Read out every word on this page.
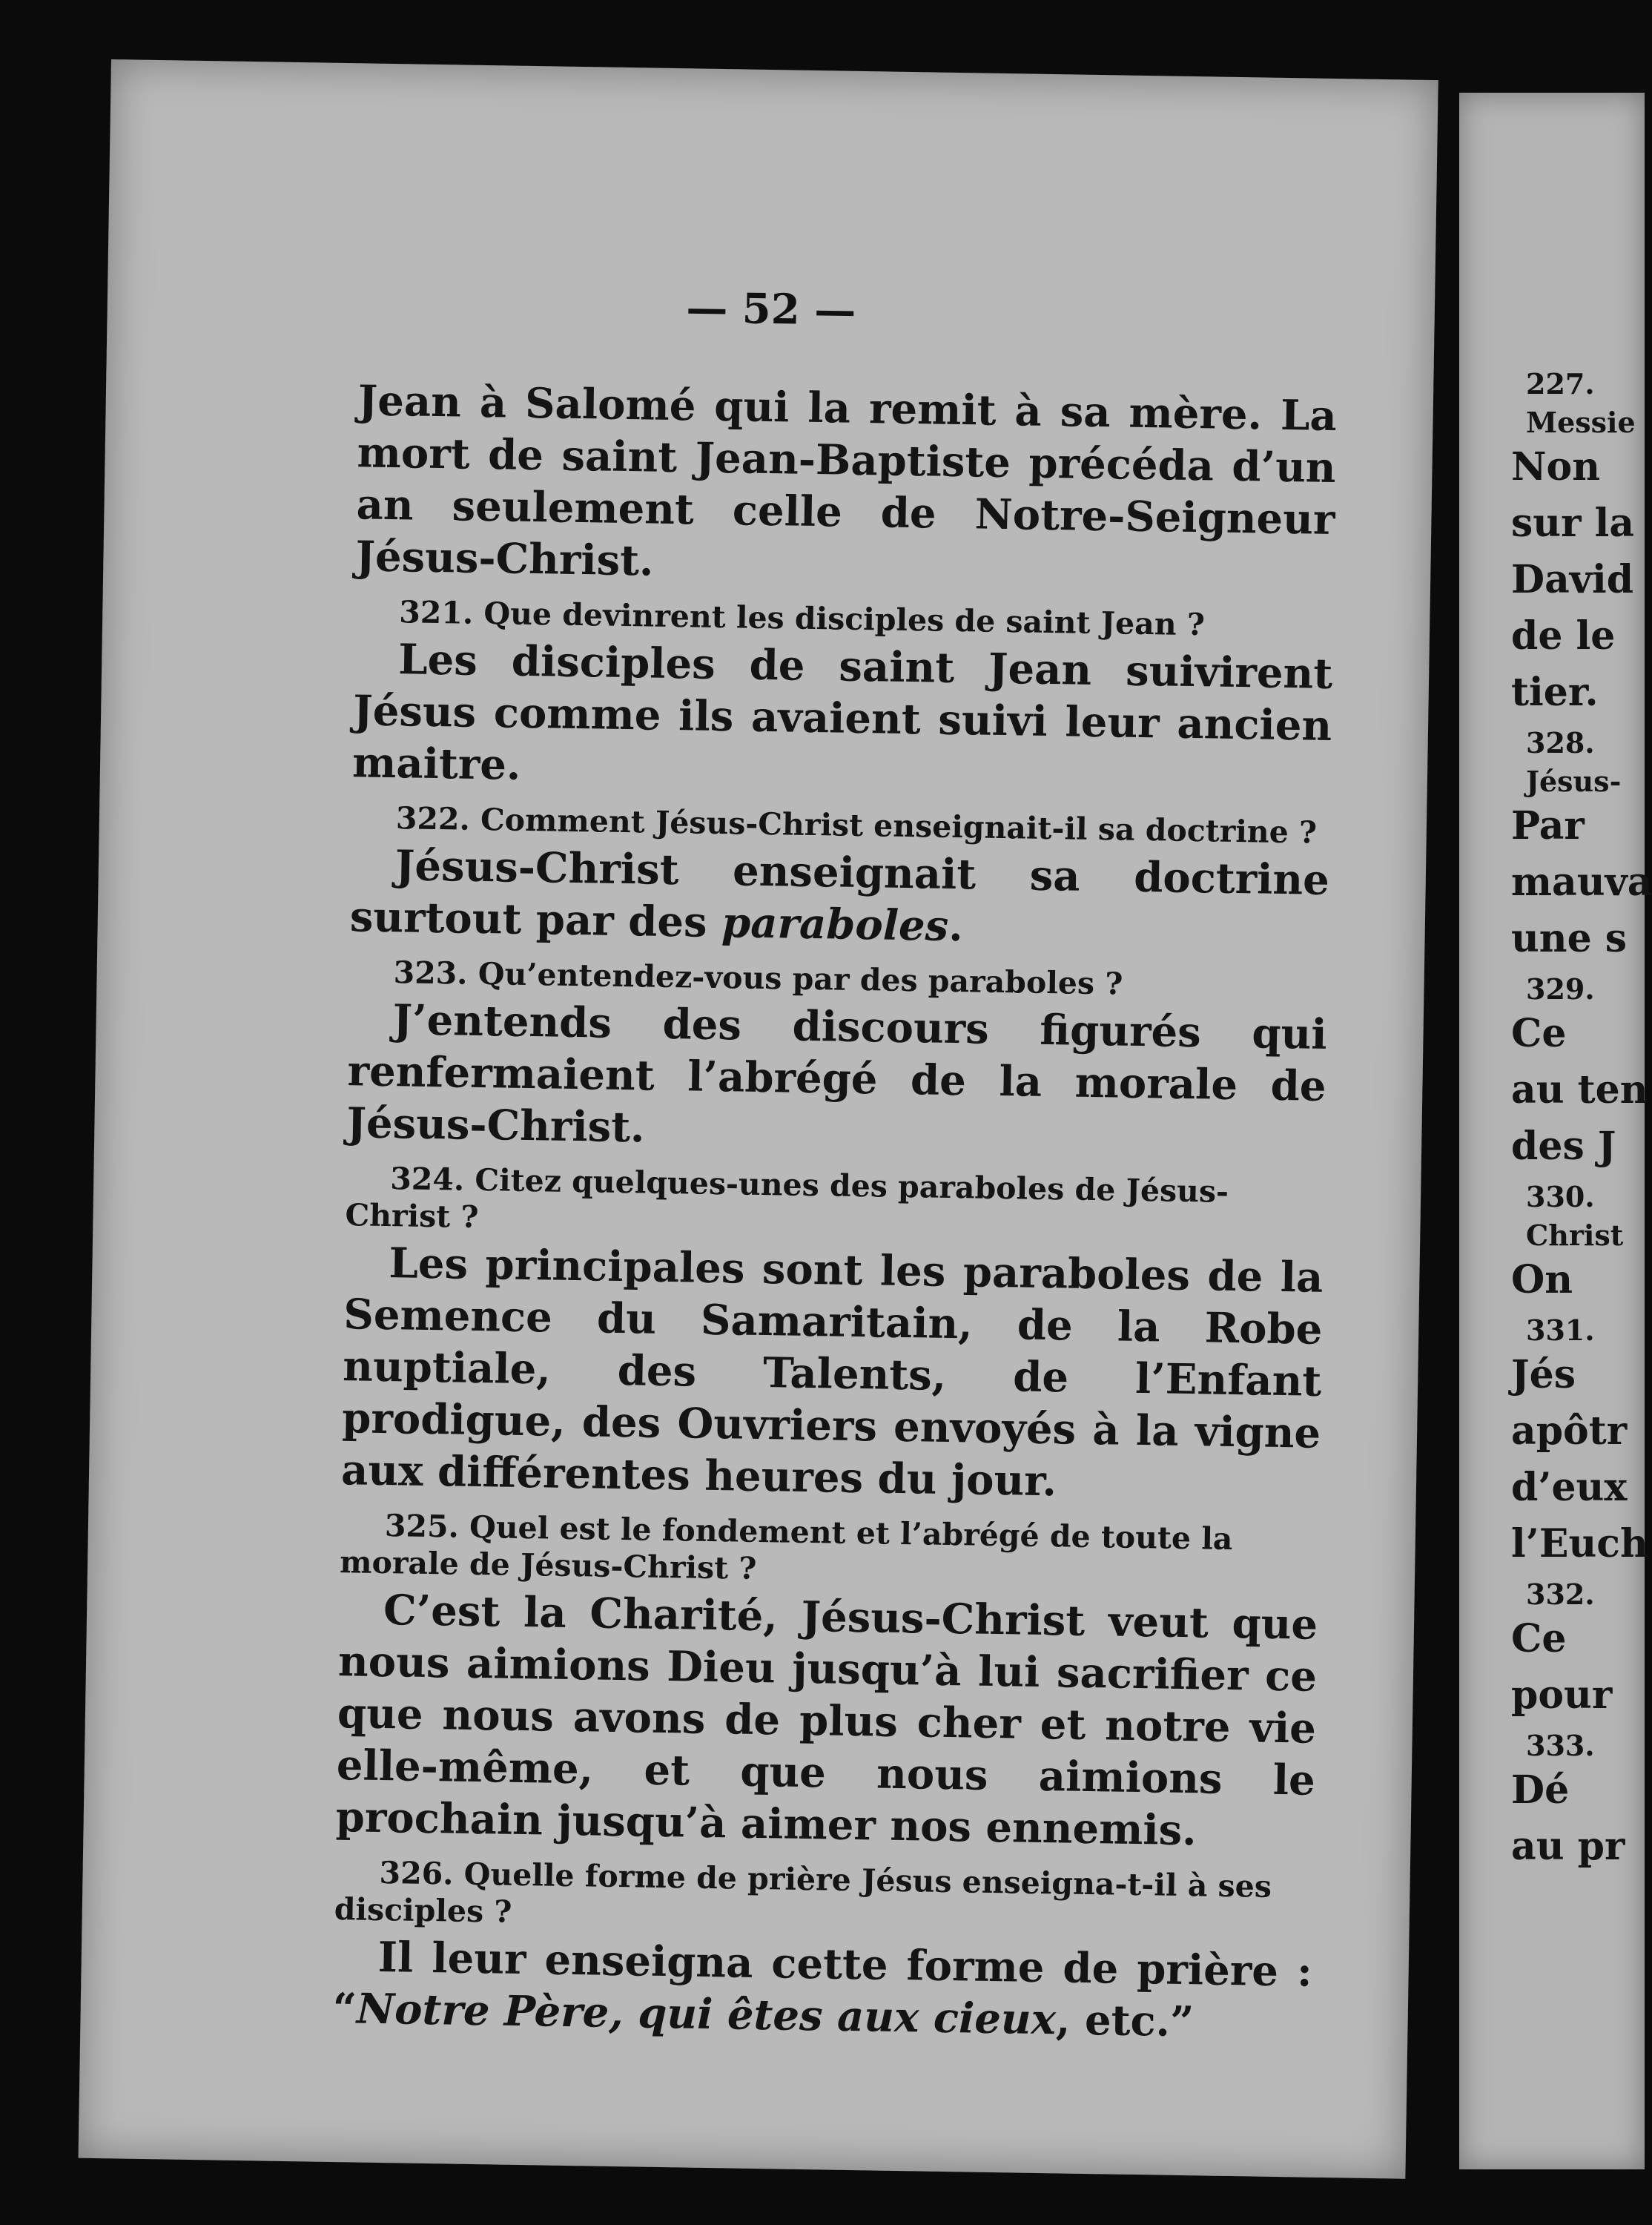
— 52 —

Jean à Salomé qui la remit à sa mère. La mort de saint Jean-Baptiste précéda d’un an seulement celle de Notre-Seigneur Jésus-Christ.

321. Que devinrent les disciples de saint Jean ?

Les disciples de saint Jean suivirent Jésus comme ils avaient suivi leur ancien maitre.

322. Comment Jésus-Christ enseignait-il sa doctrine ?

Jésus-Christ enseignait sa doctrine surtout par des paraboles.

323. Qu’entendez-vous par des paraboles ?

J’entends des discours figurés qui renfermaient l’abrégé de la morale de Jésus-Christ.

324. Citez quelques-unes des paraboles de Jésus-Christ ?

Les principales sont les paraboles de la Semence du Samaritain, de la Robe nuptiale, des Talents, de l’Enfant prodigue, des Ouvriers envoyés à la vigne aux différentes heures du jour.

325. Quel est le fondement et l’abrégé de toute la morale de Jésus-Christ ?

C’est la Charité, Jésus-Christ veut que nous aimions Dieu jusqu’à lui sacrifier ce que nous avons de plus cher et notre vie elle-même, et que nous aimions le prochain jusqu’à aimer nos ennemis.

326. Quelle forme de prière Jésus enseigna-t-il à ses disciples ?

Il leur enseigna cette forme de prière : “Notre Père, qui êtes aux cieux, etc.”

227.
Messie
Non
sur la
David
de le
tier.
328.
Jésus-
Par
mauva
une s
329.
Ce
au ten
des J
330.
Christ
On
331.
Jés
apôtr
d’eux
l’Euch
332.
Ce
pour
333.
Dé
au pr
